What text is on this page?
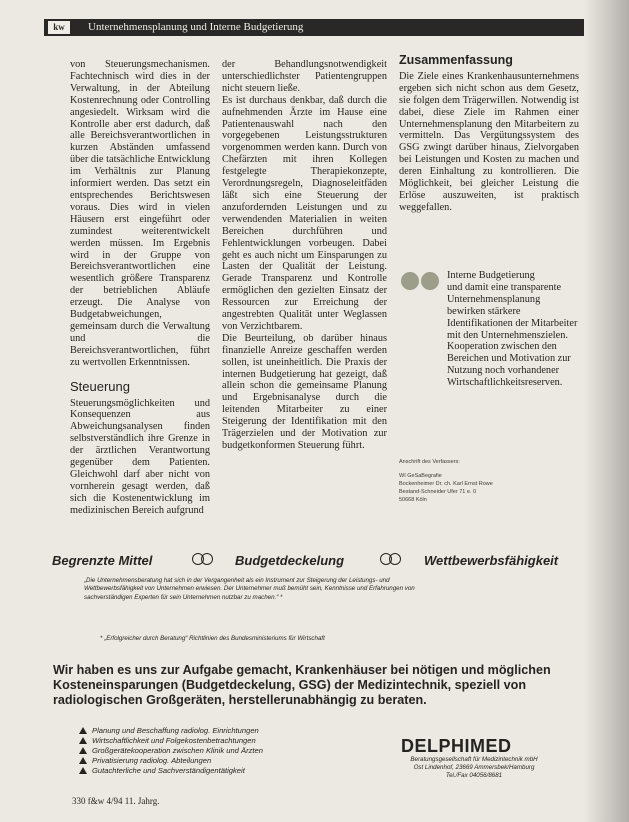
kw	Unternehmensplanung und Interne Budgetierung

von Steuerungsmechanismen. Fachtechnisch wird dies in der Verwaltung, in der Abteilung Kostenrechnung oder Controlling angesiedelt. Wirksam wird die Kontrolle aber erst dadurch, daß alle Bereichsverantwortlichen in kurzen Abständen umfassend über die tatsächliche Entwicklung im Verhältnis zur Planung informiert werden. Das setzt ein entsprechendes Berichtswesen voraus. Dies wird in vielen Häusern erst eingeführt oder zumindest weiterentwickelt werden müssen. Im Ergebnis wird in der Gruppe von Bereichsverantwortlichen eine wesentlich größere Transparenz der betrieblichen Abläufe erzeugt. Die Analyse von Budgetabweichungen, gemeinsam durch die Verwaltung und die Bereichsverantwortlichen, führt zu wertvollen Erkenntnissen.

Steuerung

Steuerungsmöglichkeiten und Konsequenzen aus Abweichungsanalysen finden selbstverständlich ihre Grenze in der ärztlichen Verantwortung gegenüber dem Patienten. Gleichwohl darf aber nicht von vornherein gesagt werden, daß sich die Kostenentwicklung im medizinischen Bereich aufgrund

der Behandlungsnotwendigkeit unterschiedlichster Patientengruppen nicht steuern ließe.

Es ist durchaus denkbar, daß durch die aufnehmenden Ärzte im Hause eine Patientenauswahl nach den vorgegebenen Leistungsstrukturen vorgenommen werden kann. Durch von Chefärzten mit ihren Kollegen festgelegte Therapiekonzepte, Verordnungsregeln, Diagnoseleitfäden läßt sich eine Steuerung der anzufordernden Leistungen und zu verwendenden Materialien in weiten Bereichen durchführen und Fehlentwicklungen vorbeugen. Dabei geht es auch nicht um Einsparungen zu Lasten der Qualität der Leistung. Gerade Transparenz und Kontrolle ermöglichen den gezielten Einsatz der Ressourcen zur Erreichung der angestrebten Qualität unter Weglassen von Verzichtbarem.

Die Beurteilung, ob darüber hinaus finanzielle Anreize geschaffen werden sollen, ist uneinheitlich. Die Praxis der internen Budgetierung hat gezeigt, daß allein schon die gemeinsame Planung und Ergebnisanalyse durch die leitenden Mitarbeiter zu einer Steigerung der Identifikation mit den Trägerzielen und der Motivation zur budgetkonformen Steuerung führt.

Zusammenfassung

Die Ziele eines Krankenhausunternehmens ergeben sich nicht schon aus dem Gesetz, sie folgen dem Trägerwillen. Notwendig ist dabei, diese Ziele im Rahmen einer Unternehmensplanung den Mitarbeitern zu vermitteln. Das Vergütungssystem des GSG zwingt darüber hinaus, Zielvorgaben bei Leistungen und Kosten zu machen und deren Einhaltung zu kontrollieren. Die Möglichkeit, bei gleicher Leistung die Erlöse auszuweiten, ist praktisch weggefallen.

Interne Budgetierung

und damit eine transparente Unternehmensplanung bewirken stärkere Identifikationen der Mitarbeiter mit den Unternehmenszielen. Kooperation zwischen den Bereichen und Motivation zur Nutzung noch vorhandener Wirtschaftlichkeitsreserven.

Anschrift des Verfassers:
WI GeSaBegrafie
Bockenheimer Dr. ch. Karl Ernst Rowe
Bestand-Schneider Ufer 71 e. 0
50668 Köln
Begrenzte Mittel	Budgetdeckelung	Wettbewerbsfähigkeit
„Die Unternehmensberatung hat sich in der Vergangenheit als ein Instrument zur Steigerung der Leistungs- und Wettbewerbsfähigkeit von Unternehmen erwiesen. Der Unternehmer muß bemüht sein, Kenntnisse und Erfahrungen von sachverständigen Experten für sein Unternehmen nutzbar zu machen.“ *
* „Erfolgreicher durch Beratung“ Richtlinien des Bundesministeriums für Wirtschaft
Wir haben es uns zur Aufgabe gemacht, Krankenhäuser bei nötigen und möglichen Kosteneinsparungen (Budgetdeckelung, GSG) der Medizintechnik, speziell von radiologischen Großgeräten, herstellerunabhängig zu beraten.
Planung und Beschaffung radiolog. Einrichtungen
Wirtschaftlichkeit und Folgekostenbetrachtungen
Großgerätekooperation zwischen Klinik und Ärzten
Privatisierung radiolog. Abteilungen
Gutachterliche und Sachverständigentätigkeit
DELPHIMED
Beratungsgesellschaft für Medizintechnik mbH
Ost Lindenhof, 23669 Ammersbek/Hamburg
Tel./Fax 04056/8681
330 f&w 4/94 11. Jahrg.
